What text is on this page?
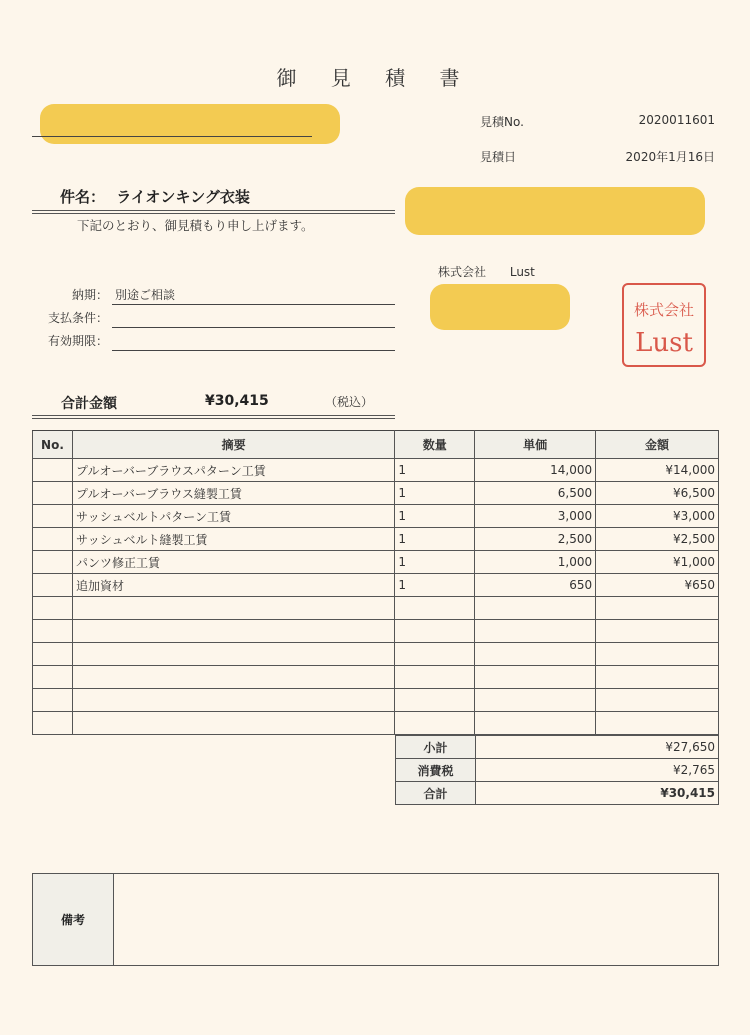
御 見 積 書
見積No.	2020011601
見積日	2020年1月16日
件名： ライオンキング衣装
下記のとおり、御見積もり申し上げます。
納期： 別途ご相談
支払条件：
有効期限：
株式会社 Lust
株式会社
Lust
合計金額	¥30,415	（税込）
No.	摘要	数量	単価	金額
	プルオーバーブラウスパターン工賃	1	14,000	¥14,000
	プルオーバーブラウス縫製工賃	1	6,500	¥6,500
	サッシュベルトパターン工賃	1	3,000	¥3,000
	サッシュベルト縫製工賃	1	2,500	¥2,500
	パンツ修正工賃	1	1,000	¥1,000
	追加資材	1	650	¥650

小計	¥27,650
消費税	¥2,765
合計	¥30,415
備考
